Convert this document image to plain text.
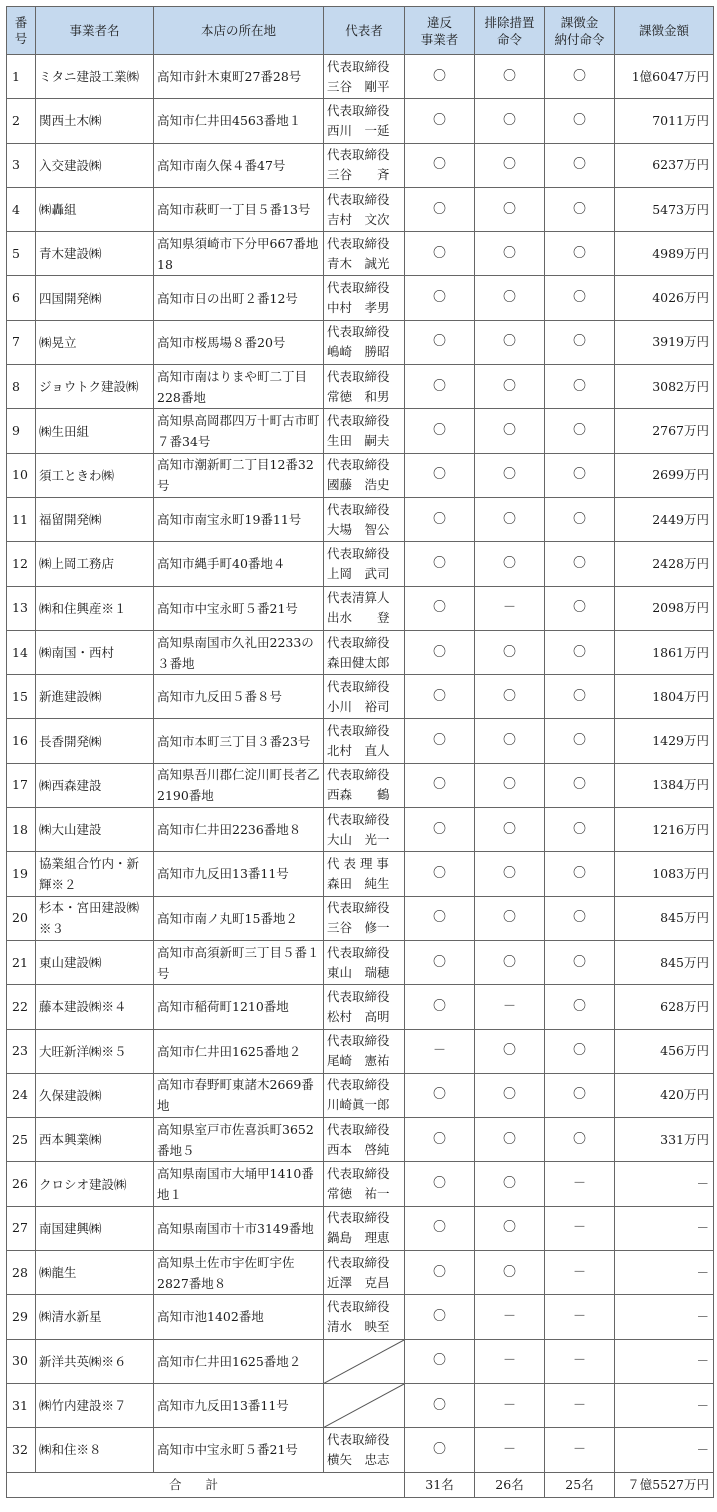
番号	事業者名	本店の所在地	代表者	違反
事業者	排除措置
命令	課徴金
納付命令	課徴金額
1	ミタニ建設工業㈱	高知市針木東町27番28号	代表取締役
三谷　剛平	〇	〇	〇	1億6047万円
2	関西土木㈱	高知市仁井田4563番地１	代表取締役
西川　一延	〇	〇	〇	7011万円
3	入交建設㈱	高知市南久保４番47号	代表取締役
三谷　　斉	〇	〇	〇	6237万円
4	㈱轟組	高知市萩町一丁目５番13号	代表取締役
吉村　文次	〇	〇	〇	5473万円
5	青木建設㈱	高知県須崎市下分甲667番地18	代表取締役
青木　誠光	〇	〇	〇	4989万円
6	四国開発㈱	高知市日の出町２番12号	代表取締役
中村　孝男	〇	〇	〇	4026万円
7	㈱晃立	高知市桜馬場８番20号	代表取締役
嶋崎　勝昭	〇	〇	〇	3919万円
8	ジョウトク建設㈱	高知市南はりまや町二丁目228番地	代表取締役
常徳　和男	〇	〇	〇	3082万円
9	㈱生田組	高知県高岡郡四万十町古市町７番34号	代表取締役
生田　嗣夫	〇	〇	〇	2767万円
10	須工ときわ㈱	高知市潮新町二丁目12番32号	代表取締役
國藤　浩史	〇	〇	〇	2699万円
11	福留開発㈱	高知市南宝永町19番11号	代表取締役
大場　智公	〇	〇	〇	2449万円
12	㈱上岡工務店	高知市縄手町40番地４	代表取締役
上岡　武司	〇	〇	〇	2428万円
13	㈱和住興産※１	高知市中宝永町５番21号	代表清算人
出水　　登	〇	－	〇	2098万円
14	㈱南国・西村	高知県南国市久礼田2233の３番地	代表取締役
森田健太郎	〇	〇	〇	1861万円
15	新進建設㈱	高知市九反田５番８号	代表取締役
小川　裕司	〇	〇	〇	1804万円
16	長香開発㈱	高知市本町三丁目３番23号	代表取締役
北村　直人	〇	〇	〇	1429万円
17	㈱西森建設	高知県吾川郡仁淀川町長者乙2190番地	代表取締役
西森　　鶴	〇	〇	〇	1384万円
18	㈱大山建設	高知市仁井田2236番地８	代表取締役
大山　光一	〇	〇	〇	1216万円
19	協業組合竹内・新輝※２	高知市九反田13番11号	代 表 理 事
森田　純生	〇	〇	〇	1083万円
20	杉本・宮田建設㈱※３	高知市南ノ丸町15番地２	代表取締役
三谷　修一	〇	〇	〇	845万円
21	東山建設㈱	高知市高須新町三丁目５番１号	代表取締役
東山　瑞穂	〇	〇	〇	845万円
22	藤本建設㈱※４	高知市稲荷町1210番地	代表取締役
松村　高明	〇	－	〇	628万円
23	大旺新洋㈱※５	高知市仁井田1625番地２	代表取締役
尾崎　憲祐	－	〇	〇	456万円
24	久保建設㈱	高知市春野町東諸木2669番地	代表取締役
川崎眞一郎	〇	〇	〇	420万円
25	西本興業㈱	高知県室戸市佐喜浜町3652番地５	代表取締役
西本　啓純	〇	〇	〇	331万円
26	クロシオ建設㈱	高知県南国市大埇甲1410番地１	代表取締役
常徳　祐一	〇	〇	－	－
27	南国建興㈱	高知県南国市十市3149番地	代表取締役
鍋島　理恵	〇	〇	－	－
28	㈱龍生	高知県土佐市宇佐町宇佐2827番地８	代表取締役
近澤　克昌	〇	〇	－	－
29	㈱清水新星	高知市池1402番地	代表取締役
清水　映至	〇	－	－	－
30	新洋共英㈱※６	高知市仁井田1625番地２		〇	－	－	－
31	㈱竹内建設※７	高知市九反田13番11号		〇	－	－	－
32	㈱和住※８	高知市中宝永町５番21号	代表取締役
横矢　忠志	〇	－	－	－
合計				31名	26名	25名	７億5527万円
